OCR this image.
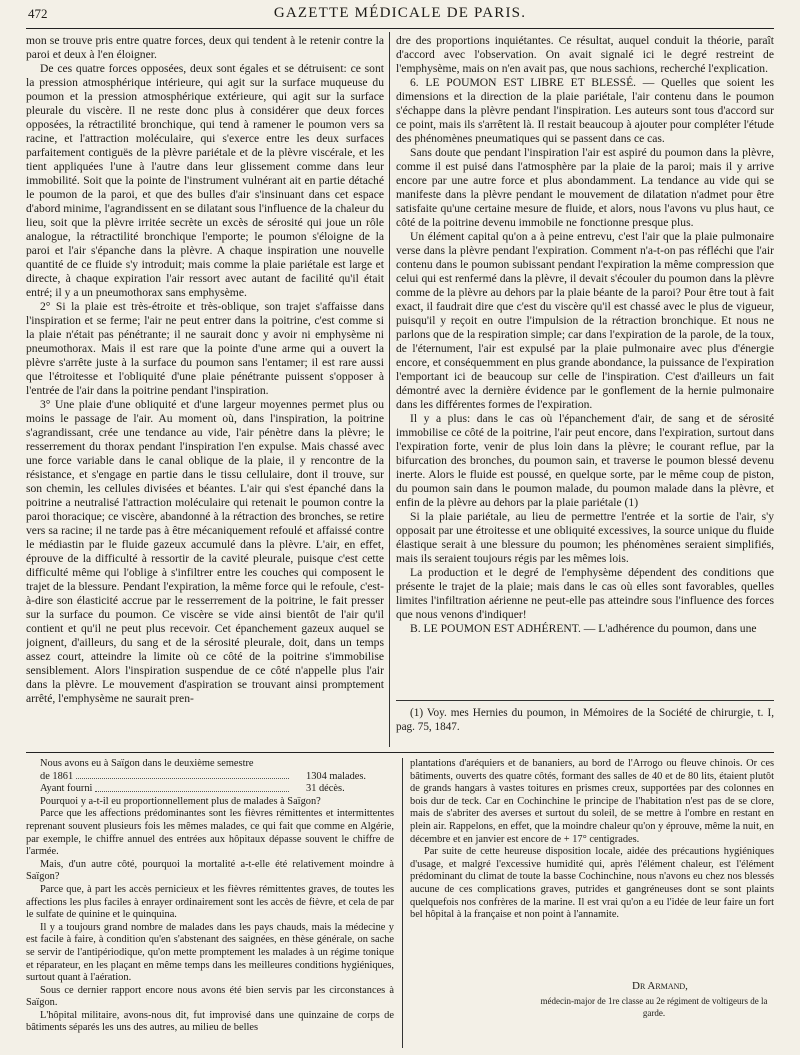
472	GAZETTE MÉDICALE DE PARIS.

mon se trouve pris entre quatre forces, deux qui tendent à le retenir contre la paroi et deux à l'en éloigner.

De ces quatre forces opposées, deux sont égales et se détruisent: ce sont la pression atmosphérique intérieure, qui agit sur la surface muqueuse du poumon et la pression atmosphérique extérieure, qui agit sur la surface pleurale du viscère. Il ne reste donc plus à considérer que deux forces opposées, la rétractilité bronchique, qui tend à ramener le poumon vers sa racine, et l'attraction moléculaire, qui s'exerce entre les deux surfaces parfaitement contiguës de la plèvre pariétale et de la plèvre viscérale, et les tient appliquées l'une à l'autre dans leur glissement comme dans leur immobilité. Soit que la pointe de l'instrument vulnérant ait en partie détaché le poumon de la paroi, et que des bulles d'air s'insinuant dans cet espace d'abord minime, l'agrandissent en se dilatant sous l'influence de la chaleur du lieu, soit que la plèvre irritée secrète un excès de sérosité qui joue un rôle analogue, la rétractilité bronchique l'emporte; le poumon s'éloigne de la paroi et l'air s'épanche dans la plèvre. A chaque inspiration une nouvelle quantité de ce fluide s'y introduit; mais comme la plaie pariétale est large et directe, à chaque expiration l'air ressort avec autant de facilité qu'il était entré; il y a un pneumothorax sans emphysème.

2° Si la plaie est très-étroite et très-oblique, son trajet s'affaisse dans l'inspiration et se ferme; l'air ne peut entrer dans la poitrine, c'est comme si la plaie n'était pas pénétrante; il ne saurait donc y avoir ni emphysème ni pneumothorax. Mais il est rare que la pointe d'une arme qui a ouvert la plèvre s'arrête juste à la surface du poumon sans l'entamer; il est rare aussi que l'étroitesse et l'obliquité d'une plaie pénétrante puissent s'opposer à l'entrée de l'air dans la poitrine pendant l'inspiration.

3° Une plaie d'une obliquité et d'une largeur moyennes permet plus ou moins le passage de l'air. Au moment où, dans l'inspiration, la poitrine s'agrandissant, crée une tendance au vide, l'air pénètre dans la plèvre; le resserrement du thorax pendant l'inspiration l'en expulse. Mais chassé avec une force variable dans le canal oblique de la plaie, il y rencontre de la résistance, et s'engage en partie dans le tissu cellulaire, dont il trouve, sur son chemin, les cellules divisées et béantes. L'air qui s'est épanché dans la poitrine a neutralisé l'attraction moléculaire qui retenait le poumon contre la paroi thoracique; ce viscère, abandonné à la rétraction des bronches, se retire vers sa racine; il ne tarde pas à être mécaniquement refoulé et affaissé contre le médiastin par le fluide gazeux accumulé dans la plèvre. L'air, en effet, éprouve de la difficulté à ressortir de la cavité pleurale, puisque c'est cette difficulté même qui l'oblige à s'infiltrer entre les couches qui composent le trajet de la blessure. Pendant l'expiration, la même force qui le refoule, c'est-à-dire son élasticité accrue par le resserrement de la poitrine, le fait presser sur la surface du poumon. Ce viscère se vide ainsi bientôt de l'air qu'il contient et qu'il ne peut plus recevoir. Cet épanchement gazeux auquel se joignent, d'ailleurs, du sang et de la sérosité pleurale, doit, dans un temps assez court, atteindre la limite où ce côté de la poitrine s'immobilise sensiblement. Alors l'inspiration suspendue de ce côté n'appelle plus l'air dans la plèvre. Le mouvement d'aspiration se trouvant ainsi promptement arrêté, l'emphysème ne saurait pren-

dre des proportions inquiétantes. Ce résultat, auquel conduit la théorie, paraît d'accord avec l'observation. On avait signalé ici le degré restreint de l'emphysème, mais on n'en avait pas, que nous sachions, recherché l'explication.

6. LE POUMON EST LIBRE ET BLESSÉ. — Quelles que soient les dimensions et la direction de la plaie pariétale, l'air contenu dans le poumon s'échappe dans la plèvre pendant l'inspiration. Les auteurs sont tous d'accord sur ce point, mais ils s'arrêtent là. Il restait beaucoup à ajouter pour compléter l'étude des phénomènes pneumatiques qui se passent dans ce cas.

Sans doute que pendant l'inspiration l'air est aspiré du poumon dans la plèvre, comme il est puisé dans l'atmosphère par la plaie de la paroi; mais il y arrive encore par une autre force et plus abondamment. La tendance au vide qui se manifeste dans la plèvre pendant le mouvement de dilatation n'admet pour être satisfaite qu'une certaine mesure de fluide, et alors, nous l'avons vu plus haut, ce côté de la poitrine devenu immobile ne fonctionne presque plus.

Un élément capital qu'on a à peine entrevu, c'est l'air que la plaie pulmonaire verse dans la plèvre pendant l'expiration. Comment n'a-t-on pas réfléchi que l'air contenu dans le poumon subissant pendant l'expiration la même compression que celui qui est renfermé dans la plèvre, il devait s'écouler du poumon dans la plèvre comme de la plèvre au dehors par la plaie béante de la paroi? Pour être tout à fait exact, il faudrait dire que c'est du viscère qu'il est chassé avec le plus de vigueur, puisqu'il y reçoit en outre l'impulsion de la rétraction bronchique. Et nous ne parlons que de la respiration simple; car dans l'expiration de la parole, de la toux, de l'éternument, l'air est expulsé par la plaie pulmonaire avec plus d'énergie encore, et conséquemment en plus grande abondance, la puissance de l'expiration l'emportant ici de beaucoup sur celle de l'inspiration. C'est d'ailleurs un fait démontré avec la dernière évidence par le gonflement de la hernie pulmonaire dans les différentes formes de l'expiration.

Il y a plus: dans le cas où l'épanchement d'air, de sang et de sérosité immobilise ce côté de la poitrine, l'air peut encore, dans l'expiration, surtout dans l'expiration forte, venir de plus loin dans la plèvre; le courant reflue, par la bifurcation des bronches, du poumon sain, et traverse le poumon blessé devenu inerte. Alors le fluide est poussé, en quelque sorte, par le même coup de piston, du poumon sain dans le poumon malade, du poumon malade dans la plèvre, et enfin de la plèvre au dehors par la plaie pariétale (1)

Si la plaie pariétale, au lieu de permettre l'entrée et la sortie de l'air, s'y opposait par une étroitesse et une obliquité excessives, la source unique du fluide élastique serait à une blessure du poumon; les phénomènes seraient simplifiés, mais ils seraient toujours régis par les mêmes lois.

La production et le degré de l'emphysème dépendent des conditions que présente le trajet de la plaie; mais dans le cas où elles sont favorables, quelles limites l'infiltration aérienne ne peut-elle pas atteindre sous l'influence des forces que nous venons d'indiquer!

B. LE POUMON EST ADHÉRENT. — L'adhérence du poumon, dans une

(1) Voy. mes Hernies du poumon, in Mémoires de la Société de chirurgie, t. I, pag. 75, 1847.

Nous avons eu à Saïgon dans le deuxième semestre

de 1861	1304 malades.

Ayant fourni	31 décès.

Pourquoi y a-t-il eu proportionnellement plus de malades à Saïgon?

Parce que les affections prédominantes sont les fièvres rémittentes et intermittentes reprenant souvent plusieurs fois les mêmes malades, ce qui fait que comme en Algérie, par exemple, le chiffre annuel des entrées aux hôpitaux dépasse souvent le chiffre de l'armée.

Mais, d'un autre côté, pourquoi la mortalité a-t-elle été relativement moindre à Saïgon?

Parce que, à part les accès pernicieux et les fièvres rémittentes graves, de toutes les affections les plus faciles à enrayer ordinairement sont les accès de fièvre, et cela de par le sulfate de quinine et le quinquina.

Il y a toujours grand nombre de malades dans les pays chauds, mais la médecine y est facile à faire, à condition qu'en s'abstenant des saignées, en thèse générale, on sache se servir de l'antipériodique, qu'on mette promptement les malades à un régime tonique et réparateur, en les plaçant en même temps dans les meilleures conditions hygiéniques, surtout quant à l'aération.

Sous ce dernier rapport encore nous avons été bien servis par les circonstances à Saïgon.

L'hôpital militaire, avons-nous dit, fut improvisé dans une quinzaine de corps de bâtiments séparés les uns des autres, au milieu de belles

plantations d'aréquiers et de bananiers, au bord de l'Arrogo ou fleuve chinois. Or ces bâtiments, ouverts des quatre côtés, formant des salles de 40 et de 80 lits, étaient plutôt de grands hangars à vastes toitures en prismes creux, supportées par des colonnes en bois dur de teck. Car en Cochinchine le principe de l'habitation n'est pas de se clore, mais de s'abriter des averses et surtout du soleil, de se mettre à l'ombre en restant en plein air. Rappelons, en effet, que la moindre chaleur qu'on y éprouve, même la nuit, en décembre et en janvier est encore de + 17° centigrades.

Par suite de cette heureuse disposition locale, aidée des précautions hygiéniques d'usage, et malgré l'excessive humidité qui, après l'élément chaleur, est l'élément prédominant du climat de toute la basse Cochinchine, nous n'avons eu chez nos blessés aucune de ces complications graves, putrides et gangréneuses dont se sont plaints quelquefois nos confrères de la marine. Il est vrai qu'on a eu l'idée de leur faire un fort bel hôpital à la française et non point à l'annamite.

Dr Armand,
médecin-major de 1re classe au 2e régiment de voltigeurs de la garde.
